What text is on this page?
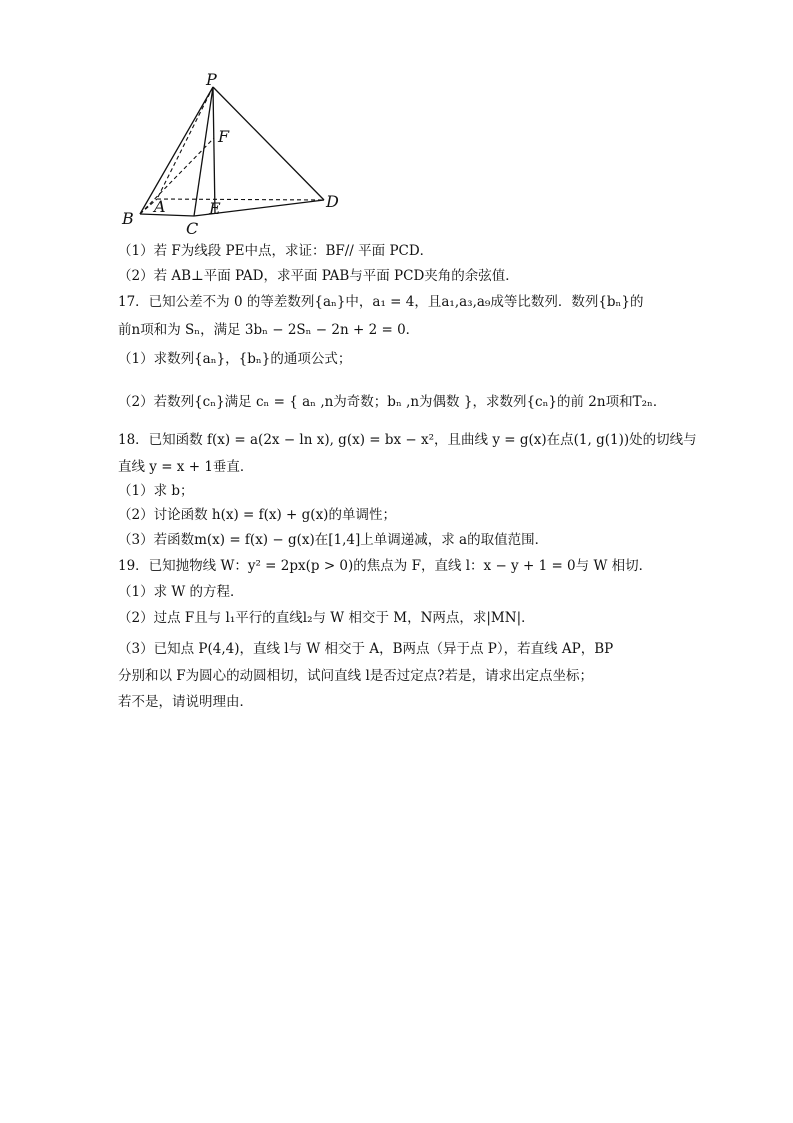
P
F
A	E
B
C
D
（1）若 F为线段 PE中点，求证：BF// 平面 PCD．
（2）若 AB⊥平面 PAD，求平面 PAB与平面 PCD夹角的余弦值．
17．已知公差不为 0 的等差数列{aₙ}中，a₁ = 4，且a₁,a₃,a₉成等比数列．数列{bₙ}的
前n项和为 Sₙ，满足 3bₙ − 2Sₙ − 2n + 2 = 0．
（1）求数列{aₙ}，{bₙ}的通项公式；
（2）若数列{cₙ}满足 cₙ = { aₙ ,n为奇数；bₙ ,n为偶数 }，求数列{cₙ}的前 2n项和T₂ₙ．
18．已知函数 f(x) = a(2x − ln x), g(x) = bx − x²，且曲线 y = g(x)在点(1, g(1))处的切线与
直线 y = x + 1垂直．
（1）求 b；
（2）讨论函数 h(x) = f(x) + g(x)的单调性；
（3）若函数m(x) = f(x) − g(x)在[1,4]上单调递减，求 a的取值范围．
19．已知抛物线 W：y² = 2px(p > 0)的焦点为 F，直线 l：x − y + 1 = 0与 W 相切．
（1）求 W 的方程．
（2）过点 F且与 l₁平行的直线l₂与 W 相交于 M，N两点，求|MN|．
（3）已知点 P(4,4)，直线 l与 W 相交于 A，B两点（异于点 P），若直线 AP，BP
分别和以 F为圆心的动圆相切，试问直线 l是否过定点?若是，请求出定点坐标；
若不是，请说明理由．
